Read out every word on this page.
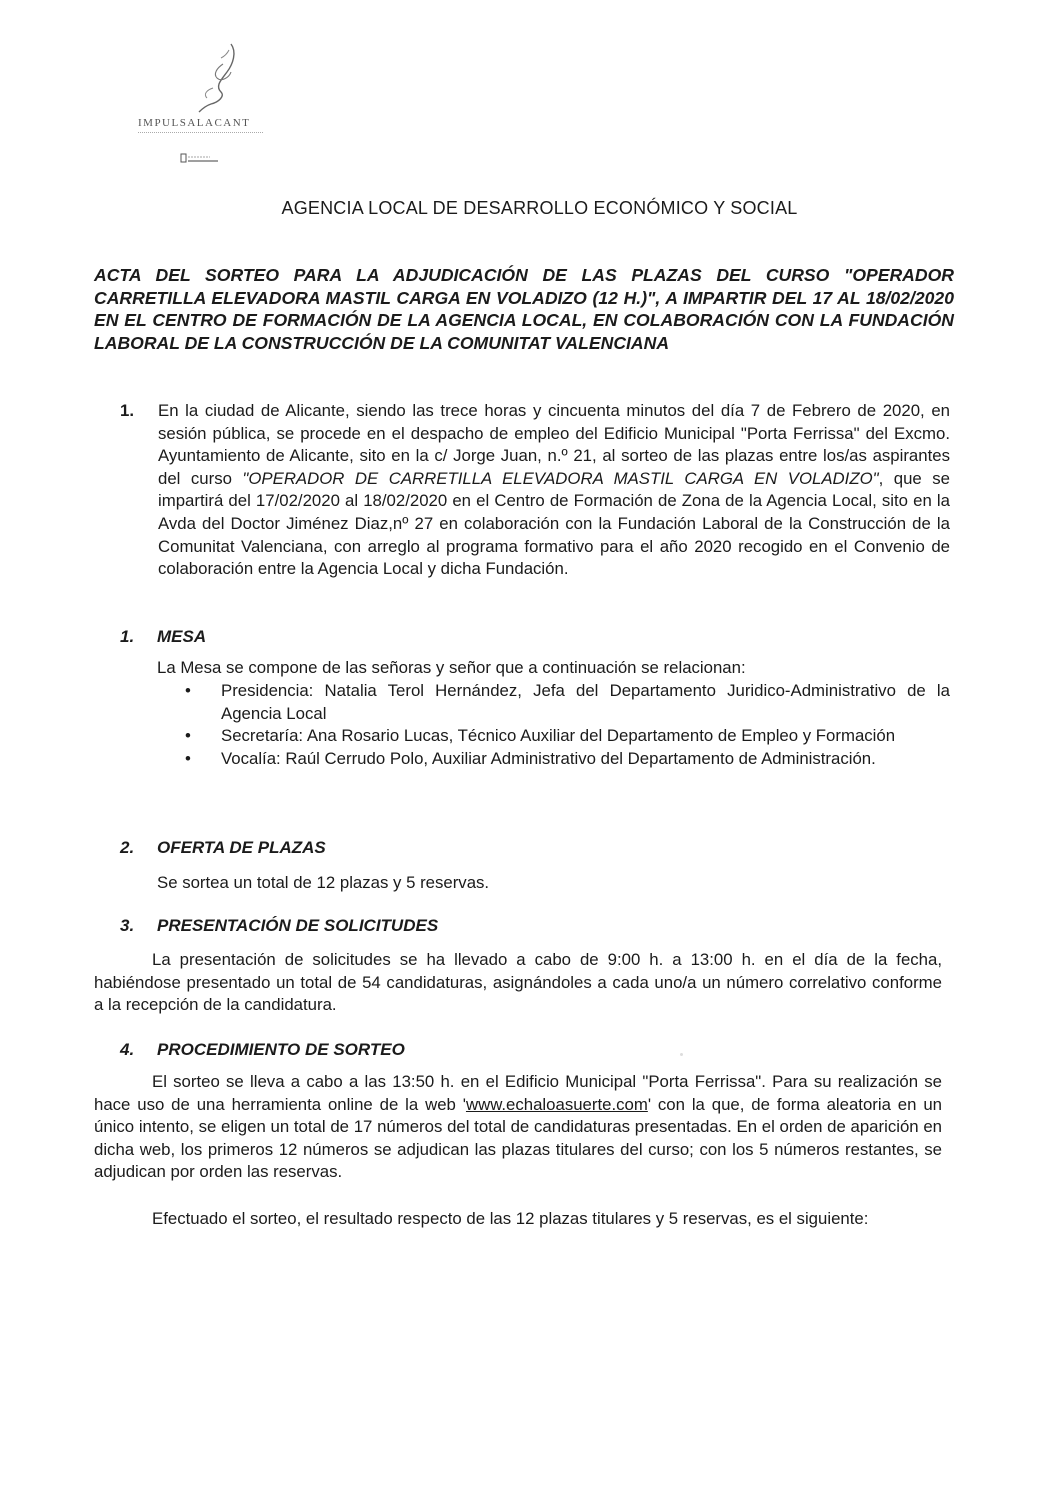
IMPULSALACANT
AGENCIA LOCAL DE DESARROLLO ECONÓMICO Y SOCIAL
ACTA DEL SORTEO PARA LA ADJUDICACIÓN DE LAS PLAZAS DEL CURSO "OPERADOR CARRETILLA ELEVADORA MASTIL CARGA EN VOLADIZO (12 H.)", A IMPARTIR DEL 17 AL 18/02/2020 EN EL CENTRO DE FORMACIÓN DE LA AGENCIA LOCAL, EN COLABORACIÓN CON LA FUNDACIÓN LABORAL DE LA CONSTRUCCIÓN DE LA COMUNITAT VALENCIANA
1. En la ciudad de Alicante, siendo las trece horas y cincuenta minutos del día 7 de Febrero de 2020, en sesión pública, se procede en el despacho de empleo del Edificio Municipal "Porta Ferrissa" del Excmo. Ayuntamiento de Alicante, sito en la c/ Jorge Juan, n.º 21, al sorteo de las plazas entre los/as aspirantes del curso "OPERADOR DE CARRETILLA ELEVADORA MASTIL CARGA EN VOLADIZO", que se impartirá del 17/02/2020 al 18/02/2020 en el Centro de Formación de Zona de la Agencia Local, sito en la Avda del Doctor Jiménez Diaz,nº 27 en colaboración con la Fundación Laboral de la Construcción de la Comunitat Valenciana, con arreglo al programa formativo para el año 2020 recogido en el Convenio de colaboración entre la Agencia Local y dicha Fundación.
1. MESA
La Mesa se compone de las señoras y señor que a continuación se relacionan:
• Presidencia: Natalia Terol Hernández, Jefa del Departamento Juridico-Administrativo de la Agencia Local
• Secretaría: Ana Rosario Lucas, Técnico Auxiliar del Departamento de Empleo y Formación
• Vocalía: Raúl Cerrudo Polo, Auxiliar Administrativo del Departamento de Administración.
2. OFERTA DE PLAZAS
Se sortea un total de 12 plazas y 5 reservas.
3. PRESENTACIÓN DE SOLICITUDES
La presentación de solicitudes se ha llevado a cabo de 9:00 h. a 13:00 h. en el día de la fecha, habiéndose presentado un total de 54 candidaturas, asignándoles a cada uno/a un número correlativo conforme a la recepción de la candidatura.
4. PROCEDIMIENTO DE SORTEO
El sorteo se lleva a cabo a las 13:50 h. en el Edificio Municipal "Porta Ferrissa". Para su realización se hace uso de una herramienta online de la web 'www.echaloasuerte.com' con la que, de forma aleatoria en un único intento, se eligen un total de 17 números del total de candidaturas presentadas. En el orden de aparición en dicha web, los primeros 12 números se adjudican las plazas titulares del curso; con los 5 números restantes, se adjudican por orden las reservas.
Efectuado el sorteo, el resultado respecto de las 12 plazas titulares y 5 reservas, es el siguiente:
